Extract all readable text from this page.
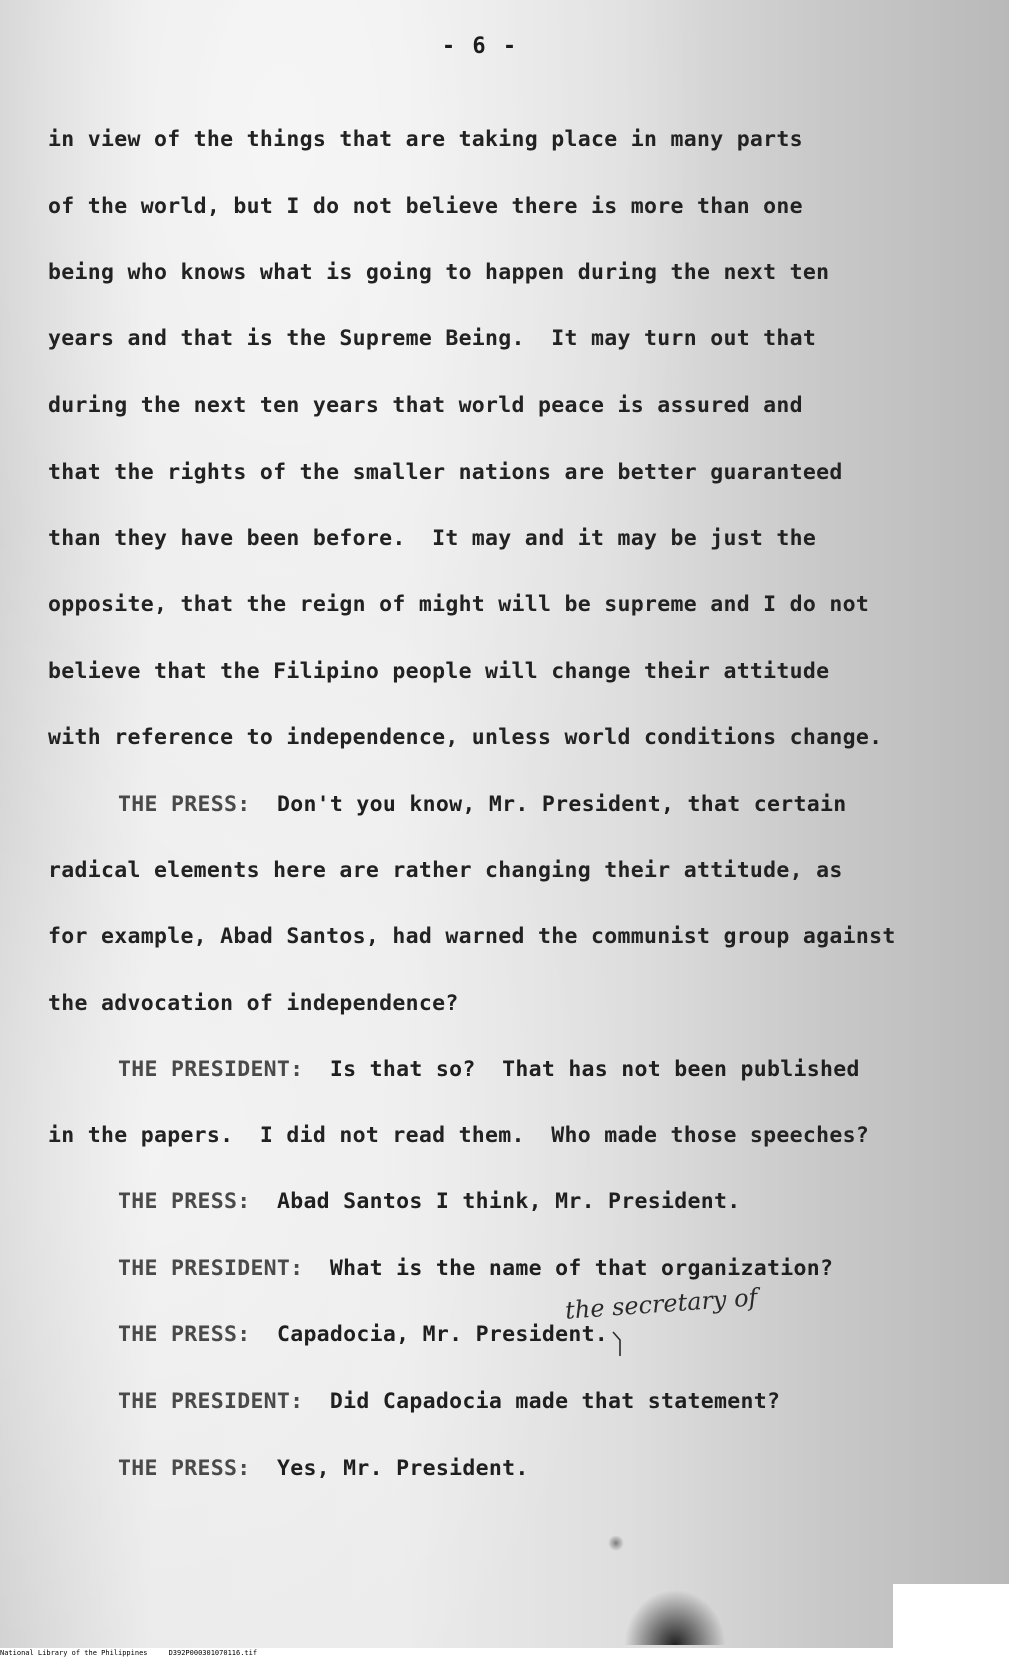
- 6 -

in view of the things that are taking place in many parts

of the world, but I do not believe there is more than one

being who knows what is going to happen during the next ten

years and that is the Supreme Being.  It may turn out that

during the next ten years that world peace is assured and

that the rights of the smaller nations are better guaranteed

than they have been before.  It may and it may be just the

opposite, that the reign of might will be supreme and I do not

believe that the Filipino people will change their attitude

with reference to independence, unless world conditions change.

THE PRESS: Don't you know, Mr. President, that certain

radical elements here are rather changing their attitude, as

for example, Abad Santos, had warned the communist group against

the advocation of independence?

THE PRESIDENT: Is that so?  That has not been published

in the papers.  I did not read them.  Who made those speeches?

THE PRESS: Abad Santos I think, Mr. President.

the secretary of

THE PRESIDENT: What is the name of that organization?

THE PRESS: Capadocia, Mr. President.

THE PRESIDENT: Did Capadocia made that statement?

THE PRESS: Yes, Mr. President.

National Library of the Philippines     D392P000301070116.tif
